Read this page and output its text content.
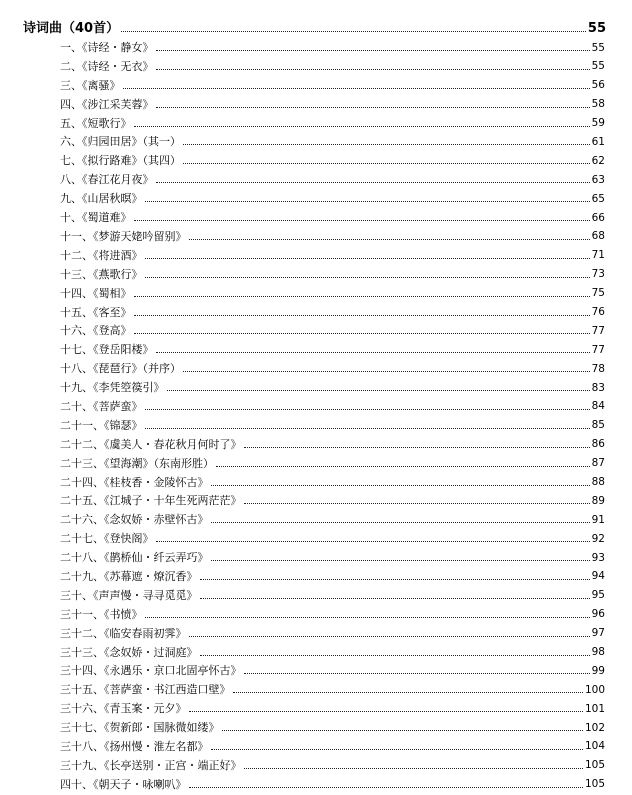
诗词曲（40首）	55
一、《诗经・静女》	55
二、《诗经・无衣》	55
三、《离骚》	56
四、《涉江采芙蓉》	58
五、《短歌行》	59
六、《归园田居》（其一）	61
七、《拟行路难》（其四）	62
八、《春江花月夜》	63
九、《山居秋暝》	65
十、《蜀道难》	66
十一、《梦游天姥吟留别》	68
十二、《将进酒》	71
十三、《燕歌行》	73
十四、《蜀相》	75
十五、《客至》	76
十六、《登高》	77
十七、《登岳阳楼》	77
十八、《琵琶行》（并序）	78
十九、《李凭箜篌引》	83
二十、《菩萨蛮》	84
二十一、《锦瑟》	85
二十二、《虞美人・春花秋月何时了》	86
二十三、《望海潮》（东南形胜）	87
二十四、《桂枝香・金陵怀古》	88
二十五、《江城子・十年生死两茫茫》	89
二十六、《念奴娇・赤壁怀古》	91
二十七、《登快阁》	92
二十八、《鹊桥仙・纤云弄巧》	93
二十九、《苏幕遮・燎沉香》	94
三十、《声声慢・寻寻觅觅》	95
三十一、《书愤》	96
三十二、《临安春雨初霁》	97
三十三、《念奴娇・过洞庭》	98
三十四、《永遇乐・京口北固亭怀古》	99
三十五、《菩萨蛮・书江西造口壁》	100
三十六、《青玉案・元夕》	101
三十七、《贺新郎・国脉微如缕》	102
三十八、《扬州慢・淮左名都》	104
三十九、《长亭送别・正宫・端正好》	105
四十、《朝天子・咏喇叭》	105
